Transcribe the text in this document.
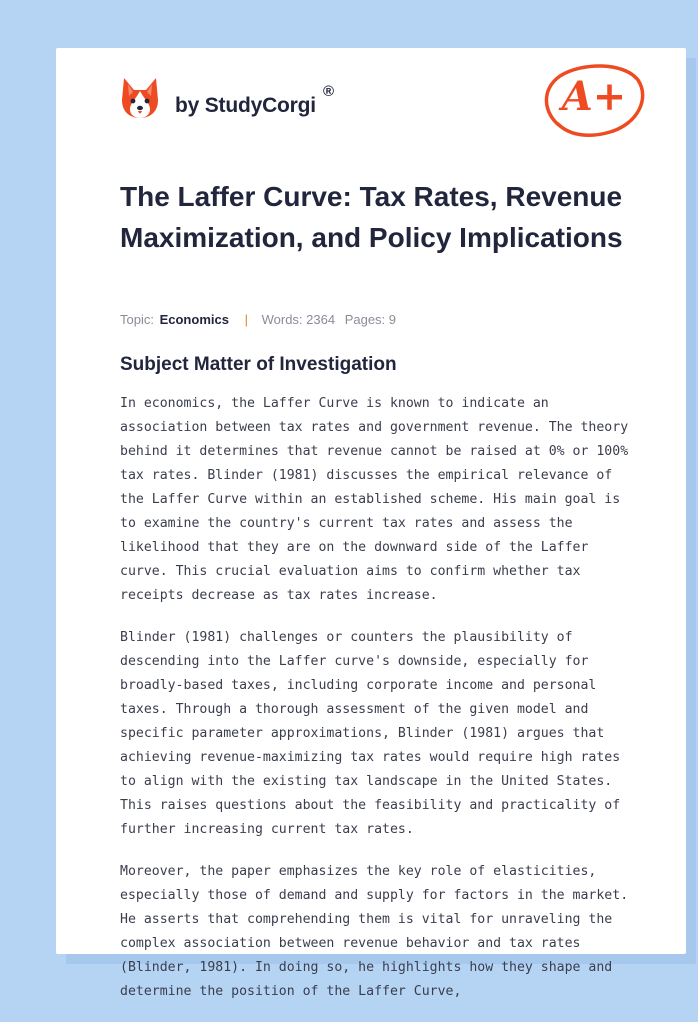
by StudyCorgi
®	A+
The Laffer Curve: Tax Rates, Revenue Maximization, and Policy Implications
Topic: Economics | Words: 2364 Pages: 9
Subject Matter of Investigation

In economics, the Laffer Curve is known to indicate an association between tax rates and government revenue. The theory behind it determines that revenue cannot be raised at 0% or 100% tax rates. Blinder (1981) discusses the empirical relevance of the Laffer Curve within an established scheme. His main goal is to examine the country's current tax rates and assess the likelihood that they are on the downward side of the Laffer curve. This crucial evaluation aims to confirm whether tax receipts decrease as tax rates increase.

Blinder (1981) challenges or counters the plausibility of descending into the Laffer curve's downside, especially for broadly-based taxes, including corporate income and personal taxes. Through a thorough assessment of the given model and specific parameter approximations, Blinder (1981) argues that achieving revenue-maximizing tax rates would require high rates to align with the existing tax landscape in the United States. This raises questions about the feasibility and practicality of further increasing current tax rates.

Moreover, the paper emphasizes the key role of elasticities, especially those of demand and supply for factors in the market. He asserts that comprehending them is vital for unraveling the complex association between revenue behavior and tax rates (Blinder, 1981). In doing so, he highlights how they shape and determine the position of the Laffer Curve,
